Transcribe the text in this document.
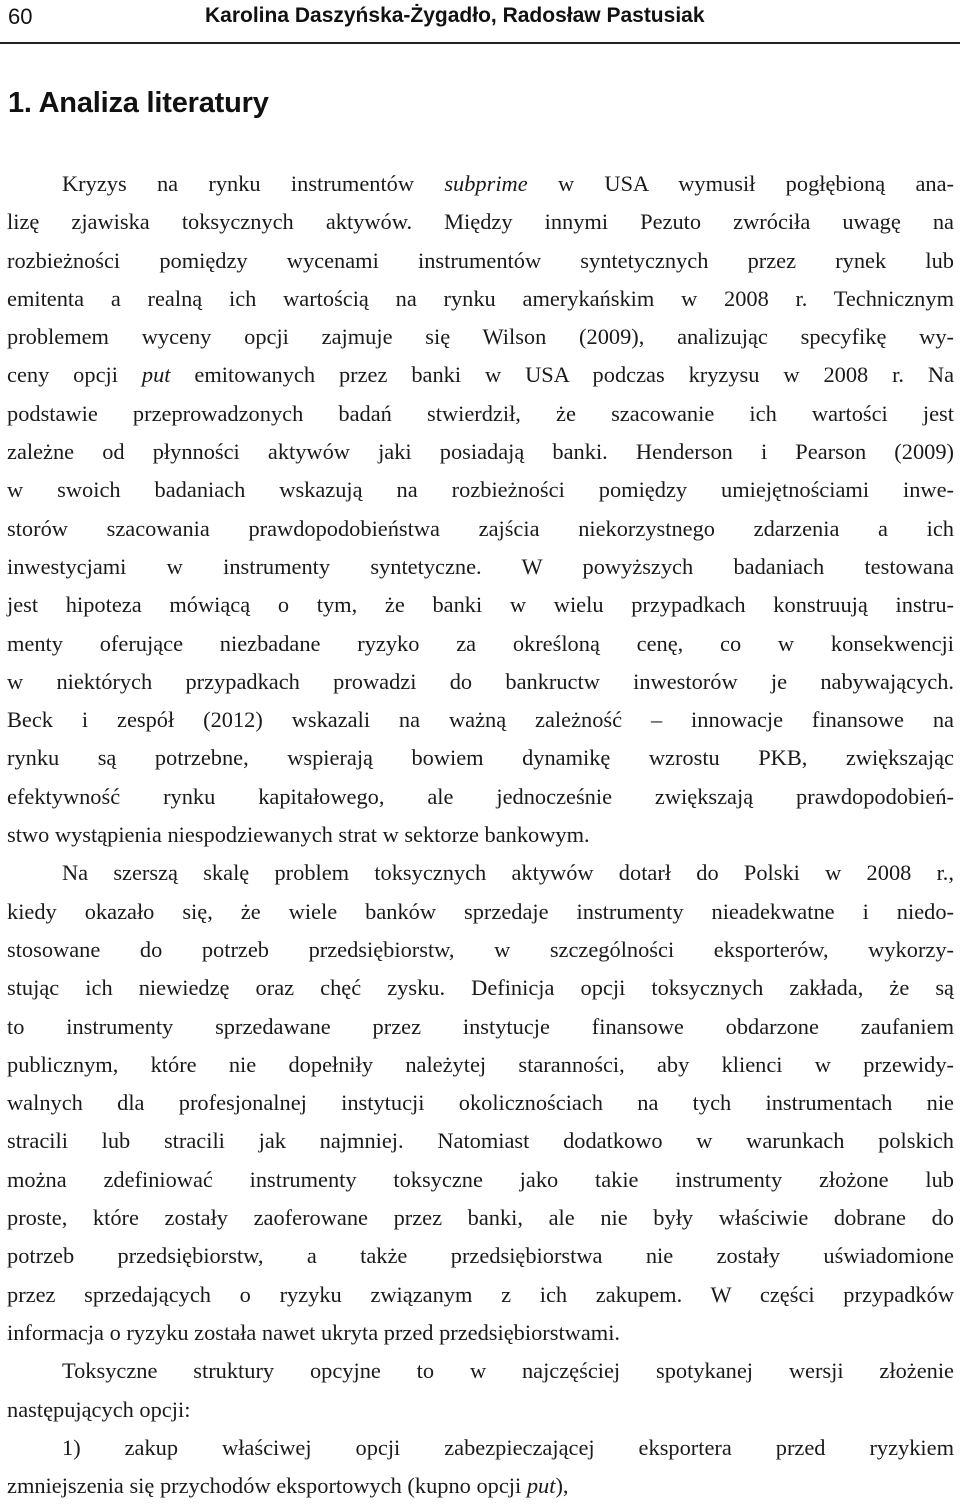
60	Karolina Daszyńska-Żygadło, Radosław Pastusiak
1. Analiza literatury
Kryzys na rynku instrumentów subprime w USA wymusił pogłębioną ana-
lizę zjawiska toksycznych aktywów. Między innymi Pezuto zwróciła uwagę na
rozbieżności pomiędzy wycenami instrumentów syntetycznych przez rynek lub
emitenta a realną ich wartością na rynku amerykańskim w 2008 r. Technicznym
problemem wyceny opcji zajmuje się Wilson (2009), analizując specyfikę wy-
ceny opcji put emitowanych przez banki w USA podczas kryzysu w 2008 r. Na
podstawie przeprowadzonych badań stwierdził, że szacowanie ich wartości jest
zależne od płynności aktywów jaki posiadają banki. Henderson i Pearson (2009)
w swoich badaniach wskazują na rozbieżności pomiędzy umiejętnościami inwe-
storów szacowania prawdopodobieństwa zajścia niekorzystnego zdarzenia a ich
inwestycjami w instrumenty syntetyczne. W powyższych badaniach testowana
jest hipoteza mówiącą o tym, że banki w wielu przypadkach konstruują instru-
menty oferujące niezbadane ryzyko za określoną cenę, co w konsekwencji
w niektórych przypadkach prowadzi do bankructw inwestorów je nabywających.
Beck i zespół (2012) wskazali na ważną zależność – innowacje finansowe na
rynku są potrzebne, wspierają bowiem dynamikę wzrostu PKB, zwiększając
efektywność rynku kapitałowego, ale jednocześnie zwiększają prawdopodobień-
stwo wystąpienia niespodziewanych strat w sektorze bankowym.
Na szerszą skalę problem toksycznych aktywów dotarł do Polski w 2008 r.,
kiedy okazało się, że wiele banków sprzedaje instrumenty nieadekwatne i niedo-
stosowane do potrzeb przedsiębiorstw, w szczególności eksporterów, wykorzy-
stując ich niewiedzę oraz chęć zysku. Definicja opcji toksycznych zakłada, że są
to instrumenty sprzedawane przez instytucje finansowe obdarzone zaufaniem
publicznym, które nie dopełniły należytej staranności, aby klienci w przewidy-
walnych dla profesjonalnej instytucji okolicznościach na tych instrumentach nie
stracili lub stracili jak najmniej. Natomiast dodatkowo w warunkach polskich
można zdefiniować instrumenty toksyczne jako takie instrumenty złożone lub
proste, które zostały zaoferowane przez banki, ale nie były właściwie dobrane do
potrzeb przedsiębiorstw, a także przedsiębiorstwa nie zostały uświadomione
przez sprzedających o ryzyku związanym z ich zakupem. W części przypadków
informacja o ryzyku została nawet ukryta przed przedsiębiorstwami.
Toksyczne struktury opcyjne to w najczęściej spotykanej wersji złożenie
następujących opcji:
1) zakup właściwej opcji zabezpieczającej eksportera przed ryzykiem
zmniejszenia się przychodów eksportowych (kupno opcji put),
